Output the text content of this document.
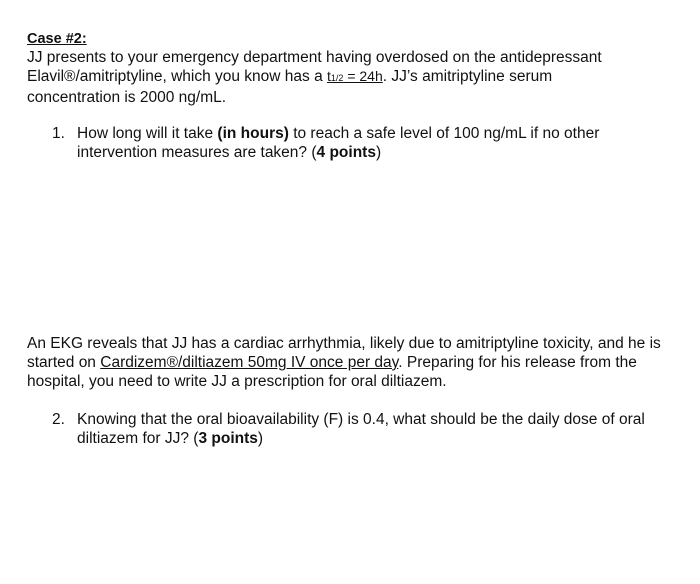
Case #2:

JJ presents to your emergency department having overdosed on the antidepressant
Elavil®/amitriptyline, which you know has a t1/2 = 24h. JJ’s amitriptyline serum
concentration is 2000 ng/mL.

1. How long will it take (in hours) to reach a safe level of 100 ng/mL if no other intervention measures are taken? (4 points)

An EKG reveals that JJ has a cardiac arrhythmia, likely due to amitriptyline toxicity, and he is started on Cardizem®/diltiazem 50mg IV once per day. Preparing for his release from the hospital, you need to write JJ a prescription for oral diltiazem.

2. Knowing that the oral bioavailability (F) is 0.4, what should be the daily dose of oral diltiazem for JJ? (3 points)
